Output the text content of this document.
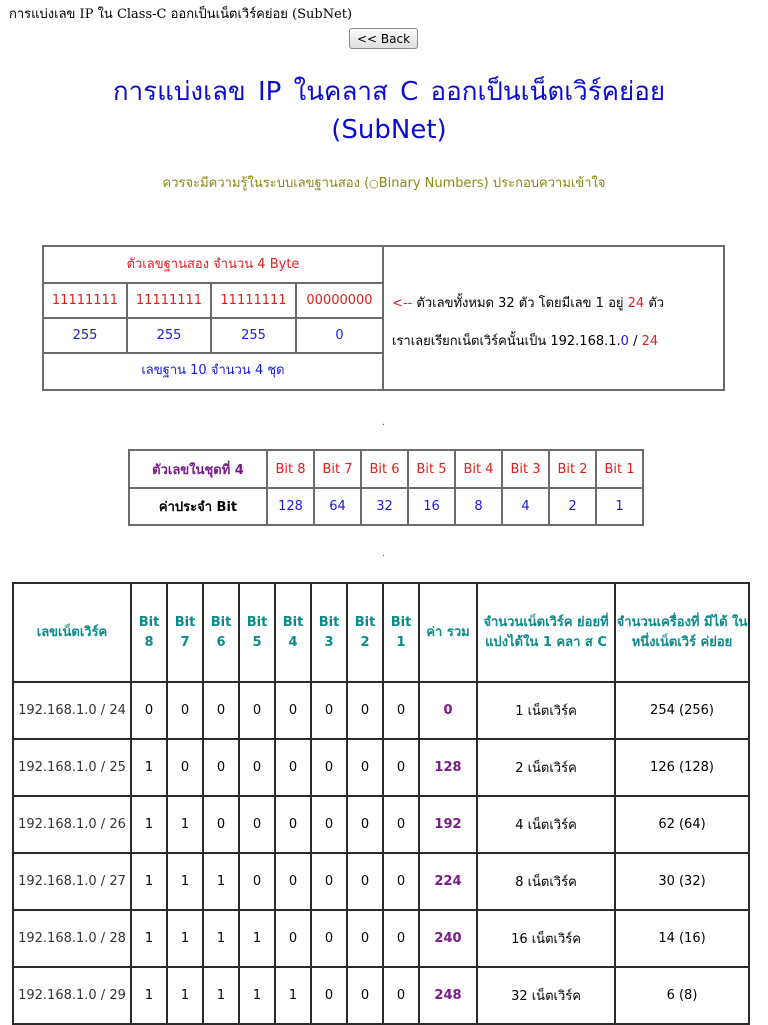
การแบ่งเลข IP ใน Class-C ออกเป็นเน็ตเวิร์คย่อย (SubNet)
<< Back
การแบ่งเลข IP ในคลาส C ออกเป็นเน็ตเวิร์คย่อย
(SubNet)
ควรจะมีความรู้ในระบบเลขฐานสอง (○Binary Numbers) ประกอบความเข้าใจ
ตัวเลขฐานสอง จำนวน 4 Byte
11111111	11111111	11111111	00000000
255	255	255	0
เลขฐาน 10 จำนวน 4 ชุด
<-- ตัวเลขทั้งหมด 32 ตัว โดยมีเลข 1 อยู่ 24 ตัว
เราเลยเรียกเน็ตเวิร์คนั้นเป็น 192.168.1.0 / 24
.
ตัวเลขในชุดที่ 4	Bit 8	Bit 7	Bit 6	Bit 5	Bit 4	Bit 3	Bit 2	Bit 1
ค่าประจำ Bit	128	64	32	16	8	4	2	1
.
เลขเน็ตเวิร์ค	Bit 8	Bit 7	Bit 6	Bit 5	Bit 4	Bit 3	Bit 2	Bit 1	ค่า รวม	จำนวนเน็ตเวิร์ค ย่อยที่ แบ่งได้ใน 1 คลา ส C	จำนวนเครื่องที่ มีได้ ในหนึ่งเน็ตเวิร์ ค่ย่อย
192.168.1.0 / 24	0	0	0	0	0	0	0	0	0	1 เน็ตเวิร์ค	254 (256)
192.168.1.0 / 25	1	0	0	0	0	0	0	0	128	2 เน็ตเวิร์ค	126 (128)
192.168.1.0 / 26	1	1	0	0	0	0	0	0	192	4 เน็ตเวิร์ค	62 (64)
192.168.1.0 / 27	1	1	1	0	0	0	0	0	224	8 เน็ตเวิร์ค	30 (32)
192.168.1.0 / 28	1	1	1	1	0	0	0	0	240	16 เน็ตเวิร์ค	14 (16)
192.168.1.0 / 29	1	1	1	1	1	0	0	0	248	32 เน็ตเวิร์ค	6 (8)
